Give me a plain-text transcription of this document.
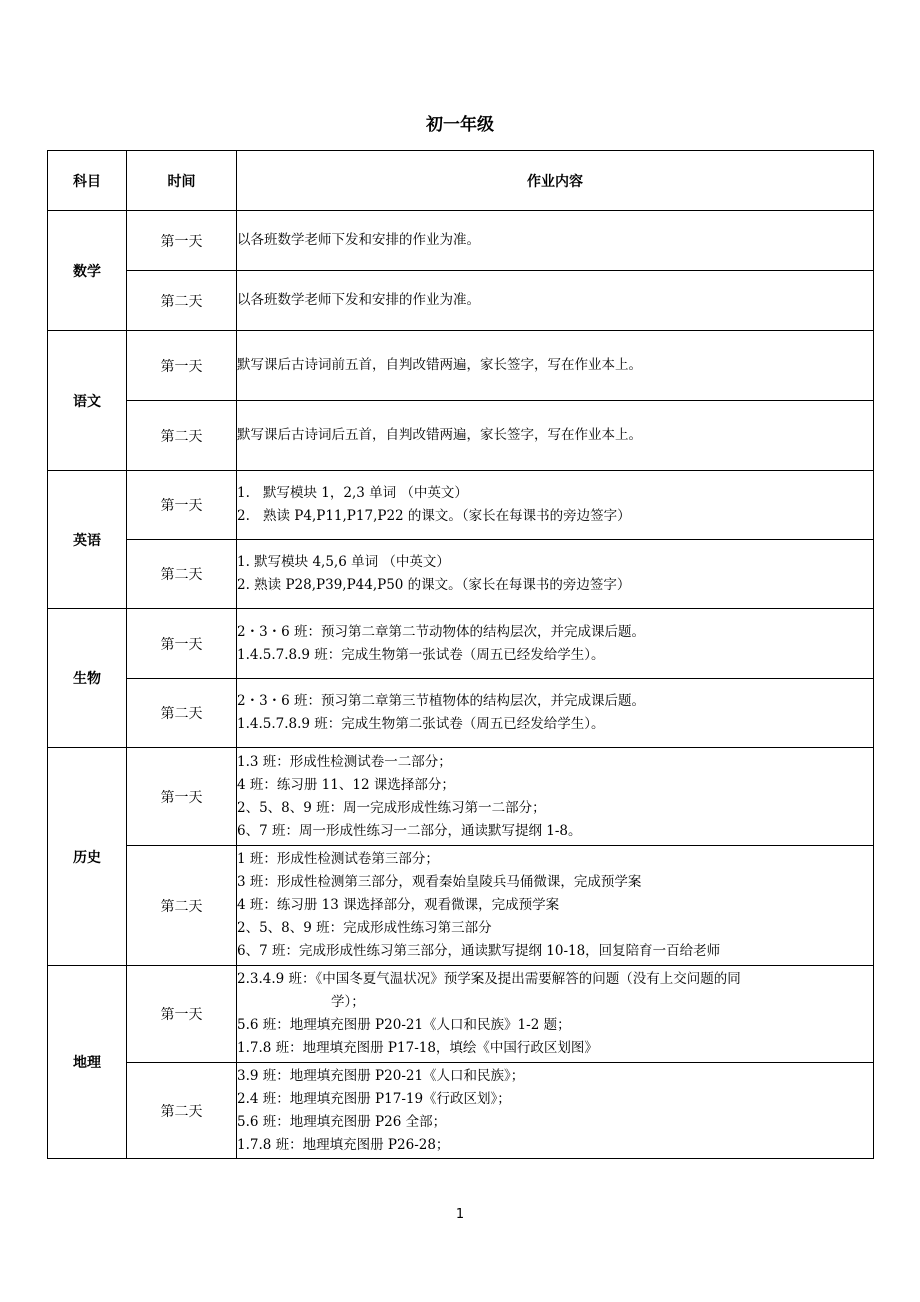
初一年级
科目	时间	作业内容
数学	第一天	以各班数学老师下发和安排的作业为准。

	第二天	以各班数学老师下发和安排的作业为准。

语文	第一天	默写课后古诗词前五首，自判改错两遍，家长签字，写在作业本上。

	第二天	默写课后古诗词后五首，自判改错两遍，家长签字，写在作业本上。

英语	第一天	1. 默写模块 1，2,3 单词 （中英文）
2. 熟读 P4,P11,P17,P22 的课文。（家长在每课书的旁边签字）

	第二天	1. 默写模块 4,5,6 单词 （中英文）
2. 熟读 P28,P39,P44,P50 的课文。（家长在每课书的旁边签字）

生物	第一天	2・3・6 班：预习第二章第二节动物体的结构层次，并完成课后题。
1.4.5.7.8.9 班：完成生物第一张试卷（周五已经发给学生）。

	第二天	2・3・6 班：预习第二章第三节植物体的结构层次，并完成课后题。
1.4.5.7.8.9 班：完成生物第二张试卷（周五已经发给学生）。

历史	第一天	1.3 班：形成性检测试卷一二部分；
4 班：练习册 11、12 课选择部分；
2、5、8、9 班：周一完成形成性练习第一二部分；
6、7 班：周一形成性练习一二部分，通读默写提纲 1-8。

	第二天	1 班：形成性检测试卷第三部分；
3 班：形成性检测第三部分，观看秦始皇陵兵马俑微课，完成预学案
4 班：练习册 13 课选择部分，观看微课，完成预学案
2、5、8、9 班：完成形成性练习第三部分
6、7 班：完成形成性练习第三部分，通读默写提纲 10-18，回复陪育一百给老师

地理	第一天	2.3.4.9 班：《中国冬夏气温状况》预学案及提出需要解答的问题（没有上交问题的同
学）；
5.6 班：地理填充图册 P20-21《人口和民族》1-2 题；
1.7.8 班：地理填充图册 P17-18，填绘《中国行政区划图》

	第二天	3.9 班：地理填充图册 P20-21《人口和民族》；
2.4 班：地理填充图册 P17-19《行政区划》；
5.6 班：地理填充图册 P26 全部；
1.7.8 班：地理填充图册 P26-28；
1
